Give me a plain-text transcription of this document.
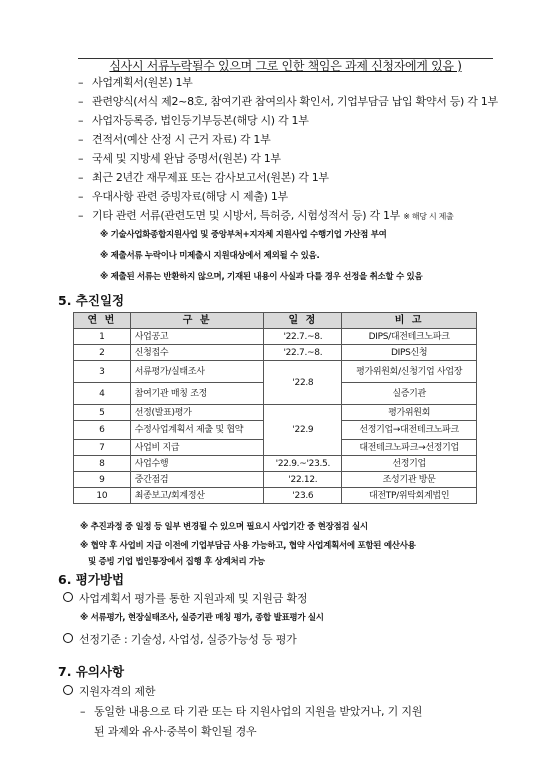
심사시 서류누락될수 있으며 그로 인한 책임은 과제 신청자에게 있음 )
– 사업계획서(원본) 1부
– 관련양식(서식 제2~8호, 참여기관 참여의사 확인서, 기업부담금 납입 확약서 등) 각 1부
– 사업자등록증, 법인등기부등본(해당 시) 각 1부
– 견적서(예산 산정 시 근거 자료) 각 1부
– 국세 및 지방세 완납 증명서(원본) 각 1부
– 최근 2년간 재무제표 또는 감사보고서(원본) 각 1부
– 우대사항 관련 증빙자료(해당 시 제출) 1부
– 기타 관련 서류(관련도면 및 시방서, 특허증, 시험성적서 등) 각 1부 ※ 해당 시 제출
※ 기술사업화종합지원사업 및 중앙부처+지자체 지원사업 수행기업 가산점 부여
※ 제출서류 누락이나 미제출시 지원대상에서 제외될 수 있음.
※ 제출된 서류는 반환하지 않으며, 기재된 내용이 사실과 다를 경우 선정을 취소할 수 있음
5. 추진일정
연 번	구 분	일 정	비 고
1	사업공고	'22.7.~8.	DIPS/대전테크노파크
2	신청접수	'22.7.~8.	DIPS신청
3	서류평가/실태조사	'22.8	평가위원회/신청기업 사업장
4	참여기관 매칭 조정		실증기관
5	선정(발표)평가	'22.9	평가위원회
6	수정사업계획서 제출 및 협약		선정기업→대전테크노파크
7	사업비 지급		대전테크노파크→선정기업
8	사업수행	'22.9.~'23.5.	선정기업
9	중간점검	'22.12.	조성기관 방문
10	최종보고/회계정산	'23.6	대전TP/위탁회계법인
※ 추진과정 중 일정 등 일부 변경될 수 있으며 필요시 사업기간 중 현장점검 실시
※ 협약 후 사업비 지급 이전에 기업부담금 사용 가능하고, 협약 사업계획서에 포함된 예산사용
및 증빙 기업 법인통장에서 집행 후 상계처리 가능
6. 평가방법
사업계획서 평가를 통한 지원과제 및 지원금 확정
※ 서류평가, 현장실태조사, 실증기관 매칭 평가, 종합 발표평가 실시
선정기준 : 기술성, 사업성, 실증가능성 등 평가
7. 유의사항
지원자격의 제한
– 동일한 내용으로 타 기관 또는 타 지원사업의 지원을 받았거나, 기 지원
된 과제와 유사·중복이 확인될 경우
